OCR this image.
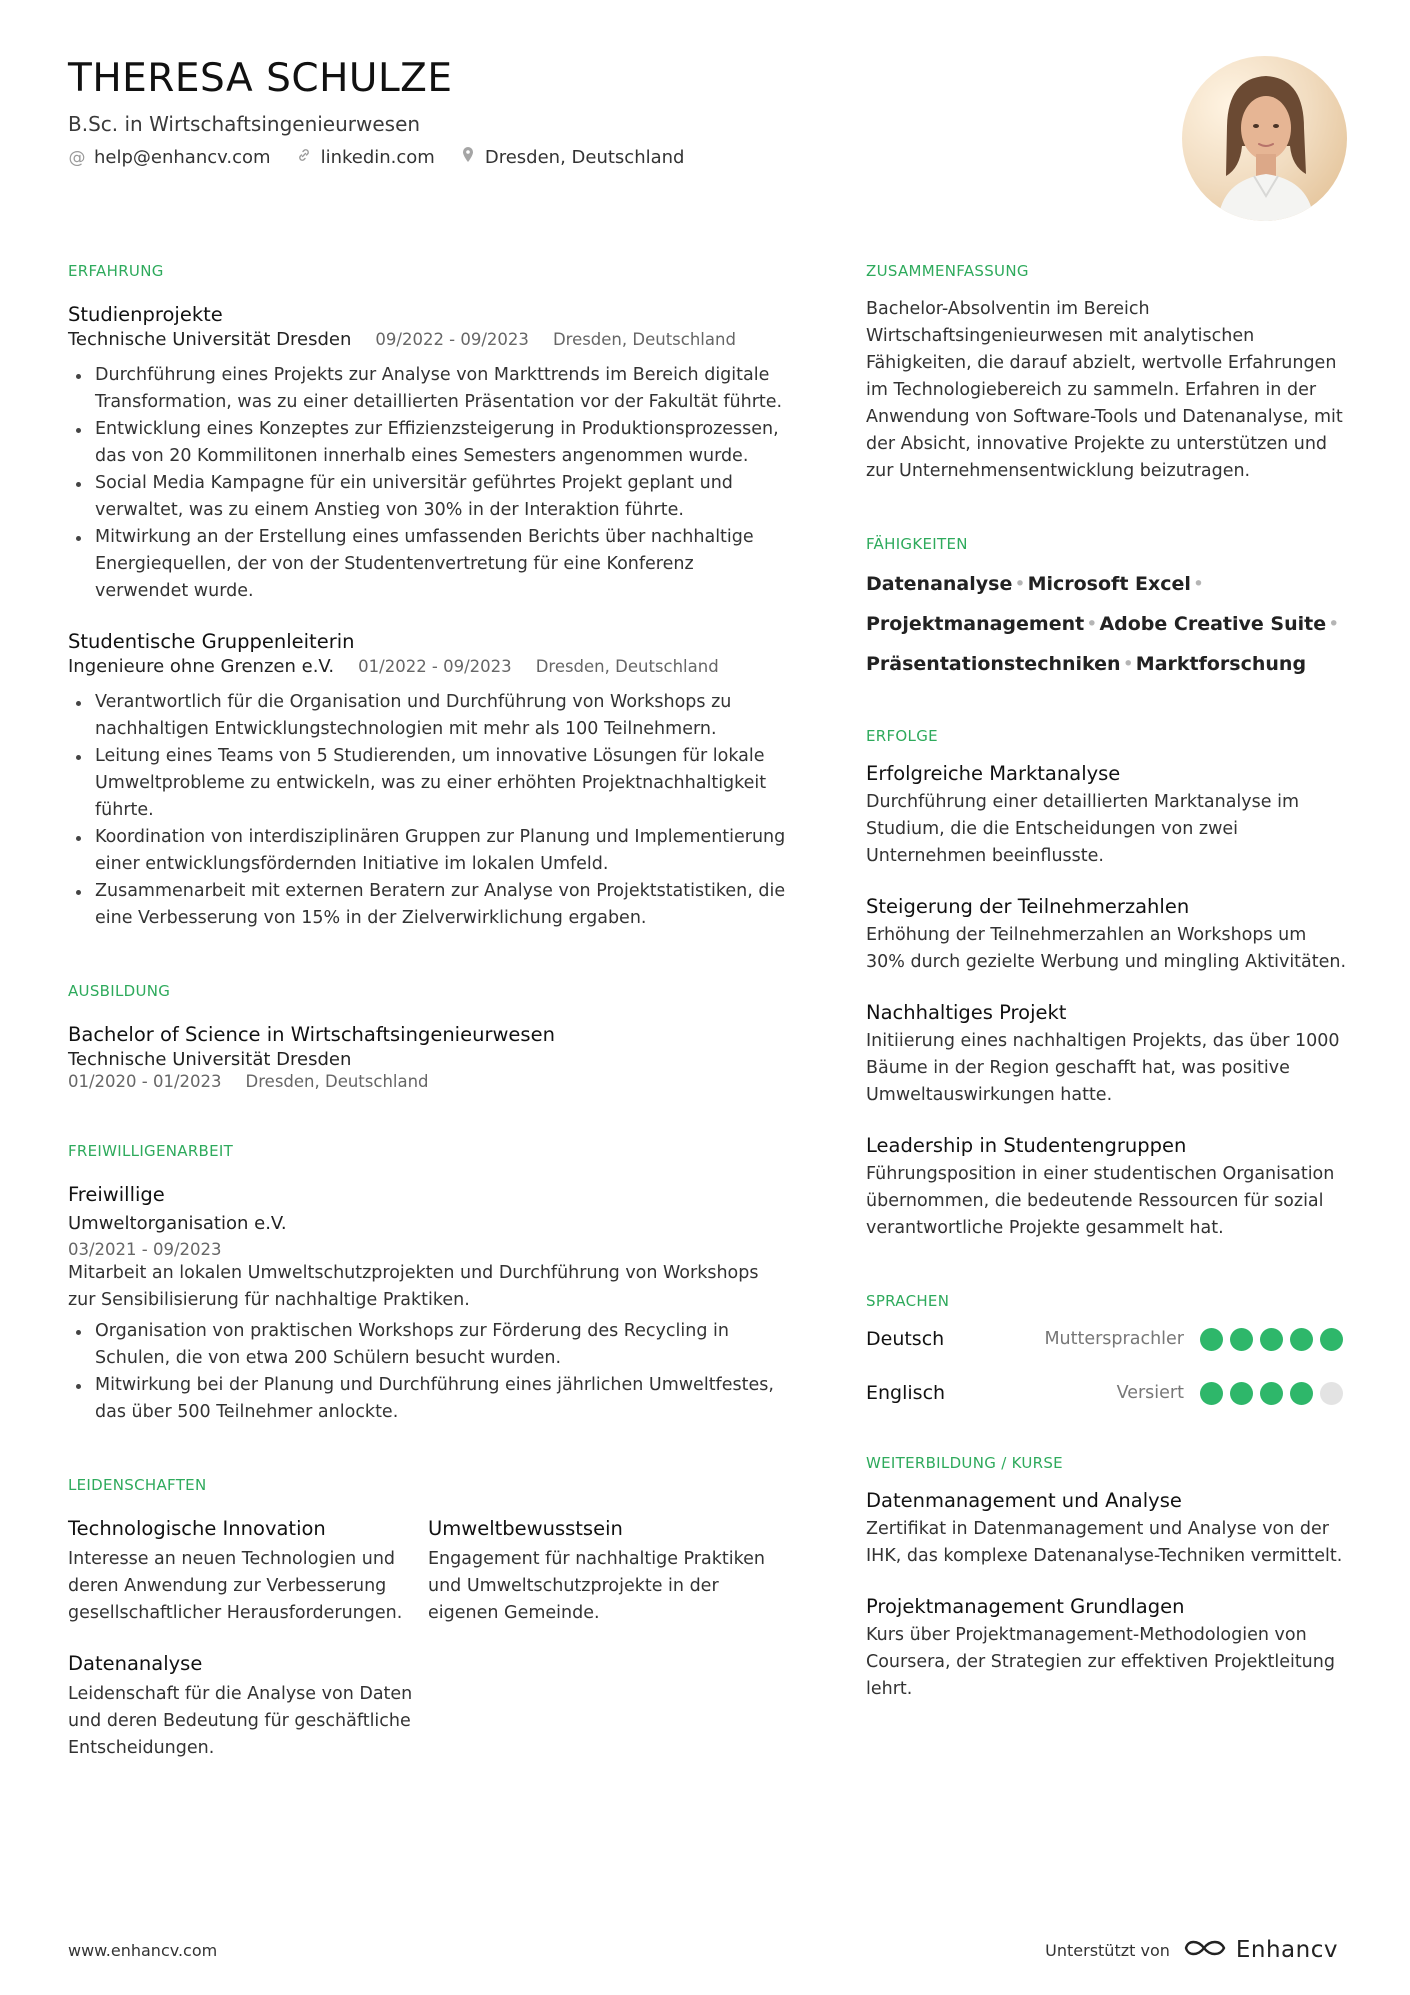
THERESA SCHULZE
B.Sc. in Wirtschaftsingenieurwesen
@ help@enhancv.com	linkedin.com	Dresden, Deutschland
ERFAHRUNG
Studienprojekte
Technische Universität Dresden 09/2022 - 09/2023 Dresden, Deutschland
Durchführung eines Projekts zur Analyse von Markttrends im Bereich digitale Transformation, was zu einer detaillierten Präsentation vor der Fakultät führte.
Entwicklung eines Konzeptes zur Effizienzsteigerung in Produktionsprozessen, das von 20 Kommilitonen innerhalb eines Semesters angenommen wurde.
Social Media Kampagne für ein universitär geführtes Projekt geplant und verwaltet, was zu einem Anstieg von 30% in der Interaktion führte.
Mitwirkung an der Erstellung eines umfassenden Berichts über nachhaltige Energiequellen, der von der Studentenvertretung für eine Konferenz verwendet wurde.
Studentische Gruppenleiterin
Ingenieure ohne Grenzen e.V. 01/2022 - 09/2023 Dresden, Deutschland
Verantwortlich für die Organisation und Durchführung von Workshops zu nachhaltigen Entwicklungstechnologien mit mehr als 100 Teilnehmern.
Leitung eines Teams von 5 Studierenden, um innovative Lösungen für lokale Umweltprobleme zu entwickeln, was zu einer erhöhten Projektnachhaltigkeit führte.
Koordination von interdisziplinären Gruppen zur Planung und Implementierung einer entwicklungsfördernden Initiative im lokalen Umfeld.
Zusammenarbeit mit externen Beratern zur Analyse von Projektstatistiken, die eine Verbesserung von 15% in der Zielverwirklichung ergaben.
AUSBILDUNG
Bachelor of Science in Wirtschaftsingenieurwesen
Technische Universität Dresden
01/2020 - 01/2023 Dresden, Deutschland
FREIWILLIGENARBEIT
Freiwillige
Umweltorganisation e.V.
03/2021 - 09/2023
Mitarbeit an lokalen Umweltschutzprojekten und Durchführung von Workshops zur Sensibilisierung für nachhaltige Praktiken.
Organisation von praktischen Workshops zur Förderung des Recycling in Schulen, die von etwa 200 Schülern besucht wurden.
Mitwirkung bei der Planung und Durchführung eines jährlichen Umweltfestes, das über 500 Teilnehmer anlockte.
LEIDENSCHAFTEN
Technologische Innovation
Interesse an neuen Technologien und deren Anwendung zur Verbesserung gesellschaftlicher Herausforderungen.
Umweltbewusstsein
Engagement für nachhaltige Praktiken und Umweltschutzprojekte in der eigenen Gemeinde.
Datenanalyse
Leidenschaft für die Analyse von Daten und deren Bedeutung für geschäftliche Entscheidungen.
ZUSAMMENFASSUNG
Bachelor-Absolventin im Bereich Wirtschaftsingenieurwesen mit analytischen Fähigkeiten, die darauf abzielt, wertvolle Erfahrungen im Technologiebereich zu sammeln. Erfahren in der Anwendung von Software-Tools und Datenanalyse, mit der Absicht, innovative Projekte zu unterstützen und zur Unternehmensentwicklung beizutragen.
FÄHIGKEITEN
Datenanalyse • Microsoft Excel •
Projektmanagement • Adobe Creative Suite •
Präsentationstechniken • Marktforschung
ERFOLGE
Erfolgreiche Marktanalyse
Durchführung einer detaillierten Marktanalyse im Studium, die die Entscheidungen von zwei Unternehmen beeinflusste.
Steigerung der Teilnehmerzahlen
Erhöhung der Teilnehmerzahlen an Workshops um 30% durch gezielte Werbung und mingling Aktivitäten.
Nachhaltiges Projekt
Initiierung eines nachhaltigen Projekts, das über 1000 Bäume in der Region geschafft hat, was positive Umweltauswirkungen hatte.
Leadership in Studentengruppen
Führungsposition in einer studentischen Organisation übernommen, die bedeutende Ressourcen für sozial verantwortliche Projekte gesammelt hat.
SPRACHEN
Deutsch	Muttersprachler
Englisch	Versiert
WEITERBILDUNG / KURSE
Datenmanagement und Analyse
Zertifikat in Datenmanagement und Analyse von der IHK, das komplexe Datenanalyse-Techniken vermittelt.
Projektmanagement Grundlagen
Kurs über Projektmanagement-Methodologien von Coursera, der Strategien zur effektiven Projektleitung lehrt.
www.enhancv.com	Unterstützt von	Enhancv
